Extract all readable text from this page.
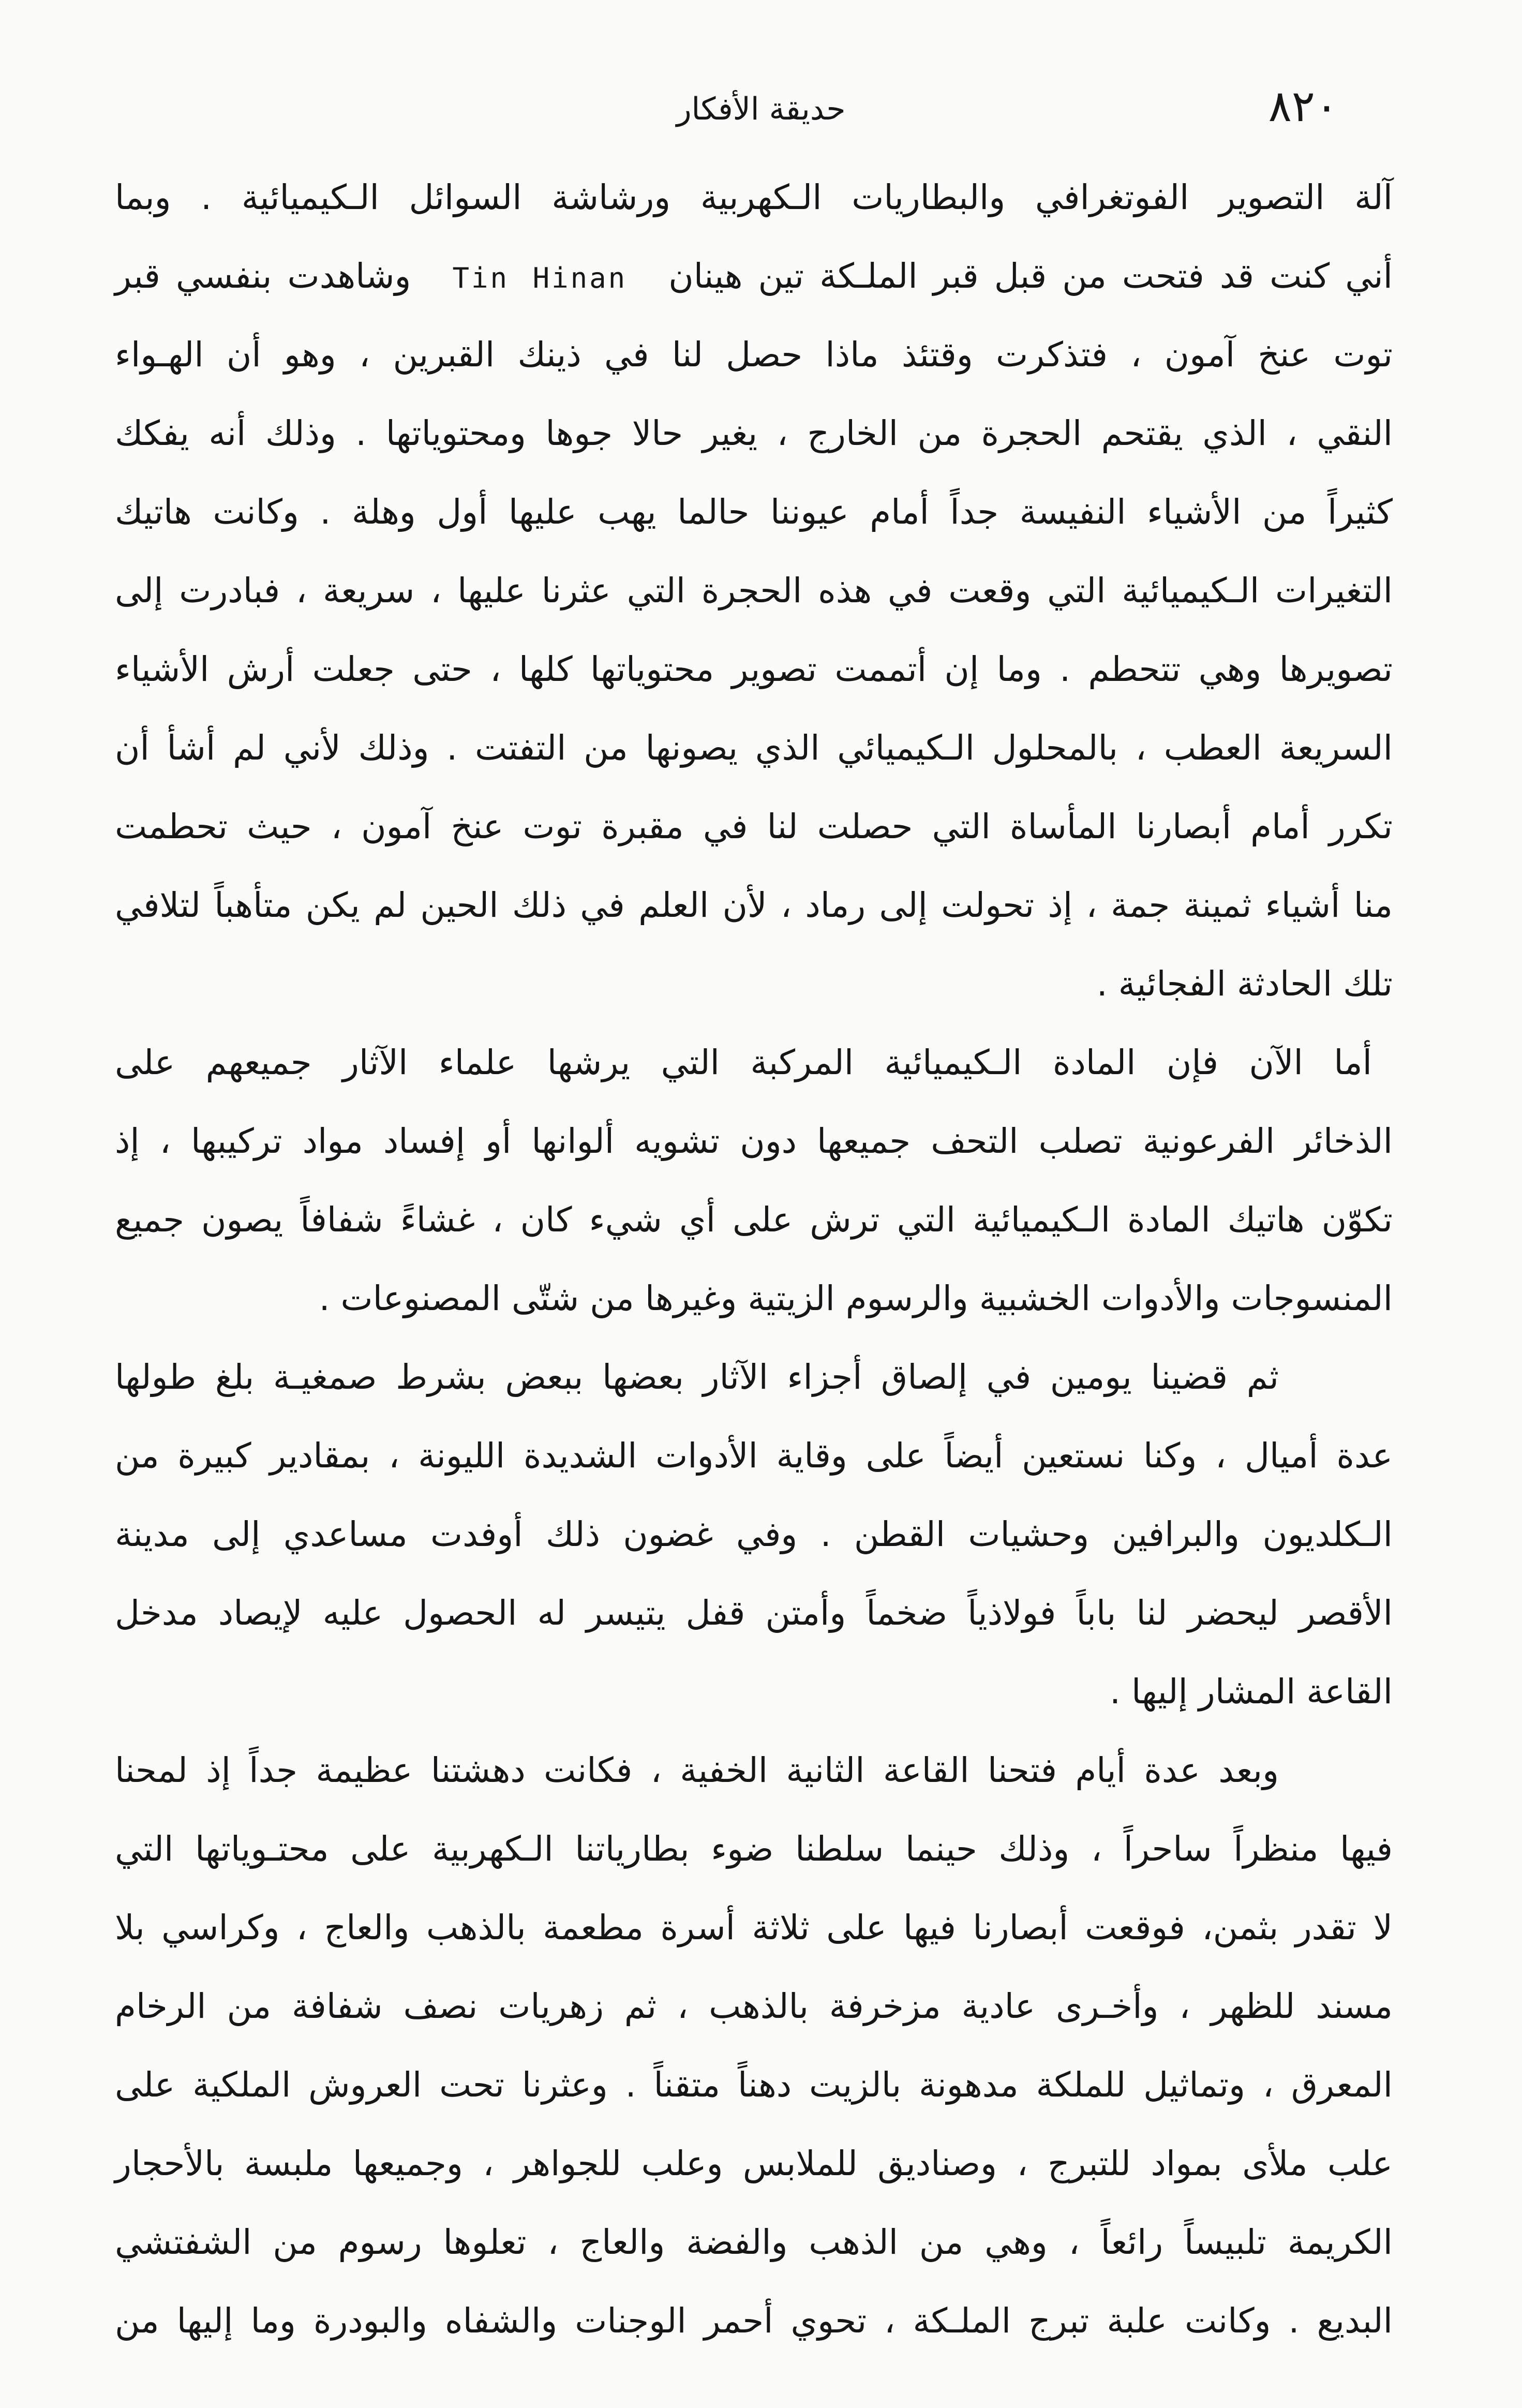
٨٢٠
حديقة الأفكار
آلة التصوير الفوتغرافي والبطاريات الـكهربية ورشاشة السوائل الـكيميائية . وبما
أني كنت قد فتحت من قبل قبر الملـكة تين هينان Tin Hinan وشاهدت بنفسي قبر
توت عنخ آمون ، فتذكرت وقتئذ ماذا حصل لنا في ذينك القبرين ، وهو أن الهـواء
النقي ، الذي يقتحم الحجرة من الخارج ، يغير حالا جوها ومحتوياتها . وذلك أنه يفكك
كثيراً من الأشياء النفيسة جداً أمام عيوننا حالما يهب عليها أول وهلة . وكانت هاتيك
التغيرات الـكيميائية التي وقعت في هذه الحجرة التي عثرنا عليها ، سريعة ، فبادرت إلى
تصويرها وهي تتحطم . وما إن أتممت تصوير محتوياتها كلها ، حتى جعلت أرش الأشياء
السريعة العطب ، بالمحلول الـكيميائي الذي يصونها من التفتت . وذلك لأني لم أشأ أن
تكرر أمام أبصارنا المأساة التي حصلت لنا في مقبرة توت عنخ آمون ، حيث تحطمت
منا أشياء ثمينة جمة ، إذ تحولت إلى رماد ، لأن العلم في ذلك الحين لم يكن متأهباً لتلافي
تلك الحادثة الفجائية .
أما الآن فإن المادة الـكيميائية المركبة التي يرشها علماء الآثار جميعهم على
الذخائر الفرعونية تصلب التحف جميعها دون تشويه ألوانها أو إفساد مواد تركيبها ، إذ
تكوّن هاتيك المادة الـكيميائية التي ترش على أي شيء كان ، غشاءً شفافاً يصون جميع
المنسوجات والأدوات الخشبية والرسوم الزيتية وغيرها من شتّى المصنوعات .
ثم قضينا يومين في إلصاق أجزاء الآثار بعضها ببعض بشرط صمغيـة بلغ طولها
عدة أميال ، وكنا نستعين أيضاً على وقاية الأدوات الشديدة الليونة ، بمقادير كبيرة من
الـكلديون والبرافين وحشيات القطن . وفي غضون ذلك أوفدت مساعدي إلى مدينة
الأقصر ليحضر لنا باباً فولاذياً ضخماً وأمتن قفل يتيسر له الحصول عليه لإيصاد مدخل
القاعة المشار إليها .
وبعد عدة أيام فتحنا القاعة الثانية الخفية ، فكانت دهشتنا عظيمة جداً إذ لمحنا
فيها منظراً ساحراً ، وذلك حينما سلطنا ضوء بطارياتنا الـكهربية على محتـوياتها التي
لا تقدر بثمن، فوقعت أبصارنا فيها على ثلاثة أسرة مطعمة بالذهب والعاج ، وكراسي بلا
مسند للظهر ، وأخـرى عادية مزخرفة بالذهب ، ثم زهريات نصف شفافة من الرخام
المعرق ، وتماثيل للملكة مدهونة بالزيت دهناً متقناً . وعثرنا تحت العروش الملكية على
علب ملأى بمواد للتبرج ، وصناديق للملابس وعلب للجواهر ، وجميعها ملبسة بالأحجار
الكريمة تلبيساً رائعاً ، وهي من الذهب والفضة والعاج ، تعلوها رسوم من الشفتشي
البديع . وكانت علبة تبرج الملـكة ، تحوي أحمر الوجنات والشفاه والبودرة وما إليها من
